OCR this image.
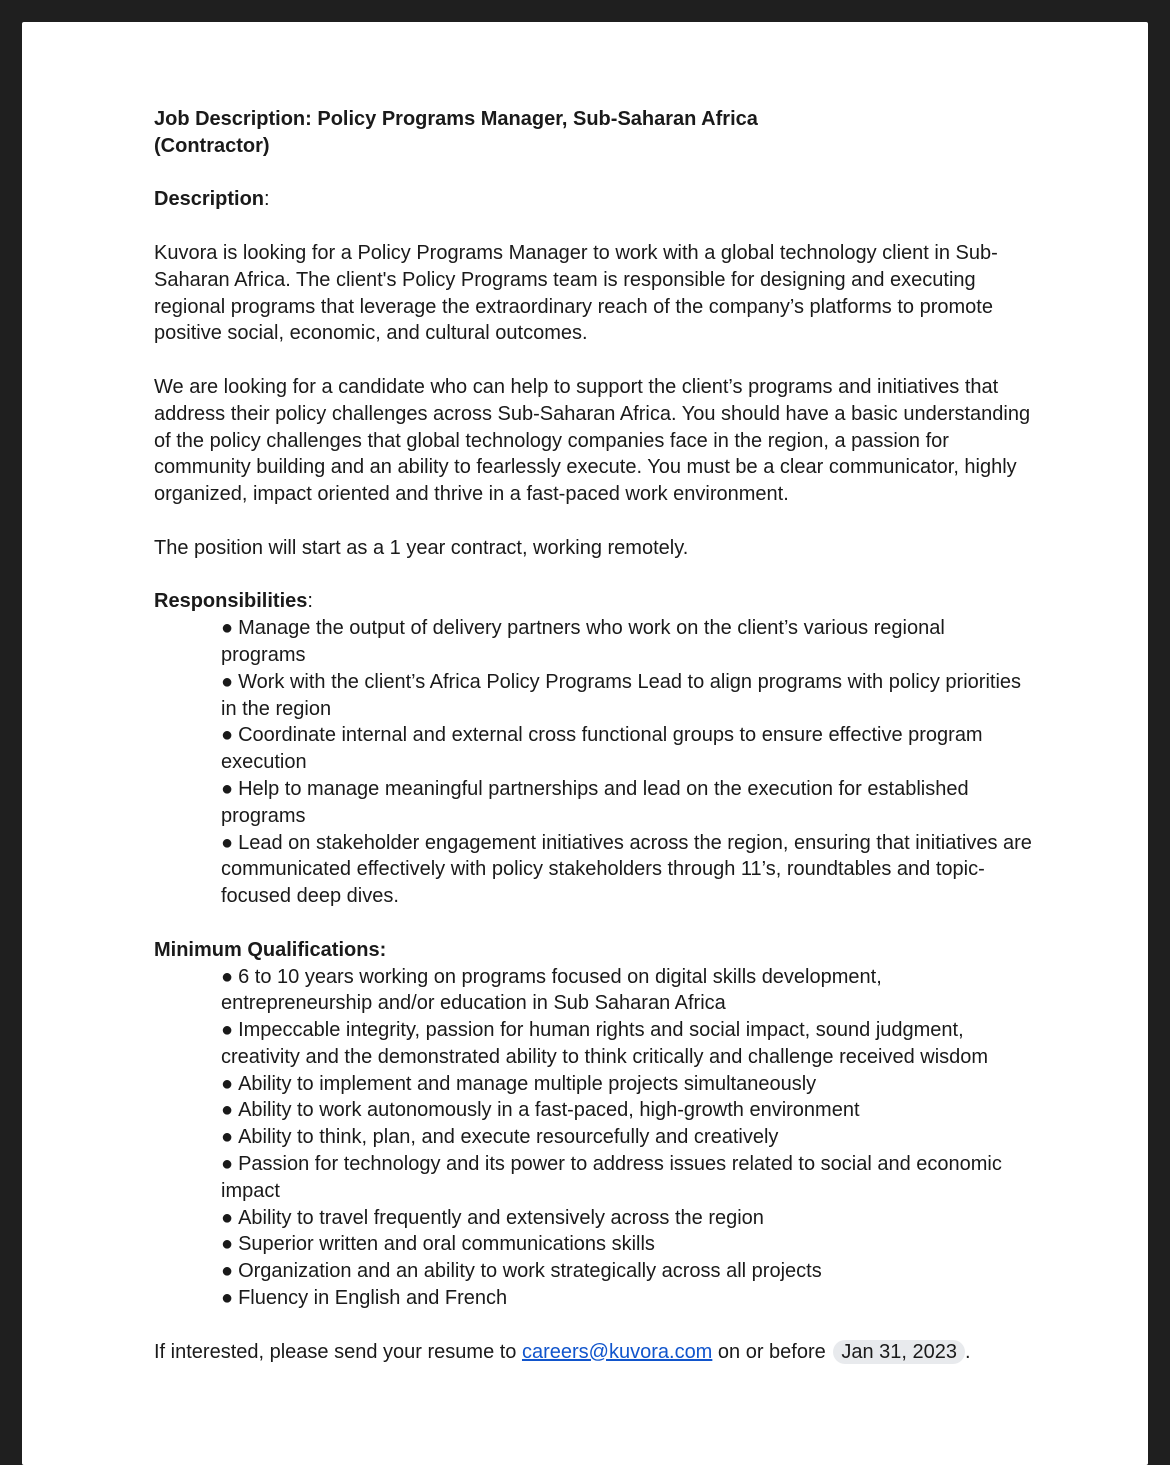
Job Description: Policy Programs Manager, Sub-Saharan Africa

(Contractor)

Description:

Kuvora is looking for a Policy Programs Manager to work with a global technology client in Sub-Saharan Africa. The client's Policy Programs team is responsible for designing and executing regional programs that leverage the extraordinary reach of the company’s platforms to promote positive social, economic, and cultural outcomes.

We are looking for a candidate who can help to support the client’s programs and initiatives that address their policy challenges across Sub-Saharan Africa. You should have a basic understanding of the policy challenges that global technology companies face in the region, a passion for community building and an ability to fearlessly execute. You must be a clear communicator, highly organized, impact oriented and thrive in a fast-paced work environment.

The position will start as a 1 year contract, working remotely.

Responsibilities:

● Manage the output of delivery partners who work on the client’s various regional programs
● Work with the client’s Africa Policy Programs Lead to align programs with policy priorities in the region
● Coordinate internal and external cross functional groups to ensure effective program execution
● Help to manage meaningful partnerships and lead on the execution for established programs
● Lead on stakeholder engagement initiatives across the region, ensuring that initiatives are communicated effectively with policy stakeholders through 11’s, roundtables and topic-focused deep dives.

Minimum Qualifications:

● 6 to 10 years working on programs focused on digital skills development, entrepreneurship and/or education in Sub Saharan Africa
● Impeccable integrity, passion for human rights and social impact, sound judgment, creativity and the demonstrated ability to think critically and challenge received wisdom
● Ability to implement and manage multiple projects simultaneously
● Ability to work autonomously in a fast-paced, high-growth environment
● Ability to think, plan, and execute resourcefully and creatively
● Passion for technology and its power to address issues related to social and economic impact
● Ability to travel frequently and extensively across the region
● Superior written and oral communications skills
● Organization and an ability to work strategically across all projects
● Fluency in English and French

If interested, please send your resume to careers@kuvora.com on or before Jan 31, 2023 .
